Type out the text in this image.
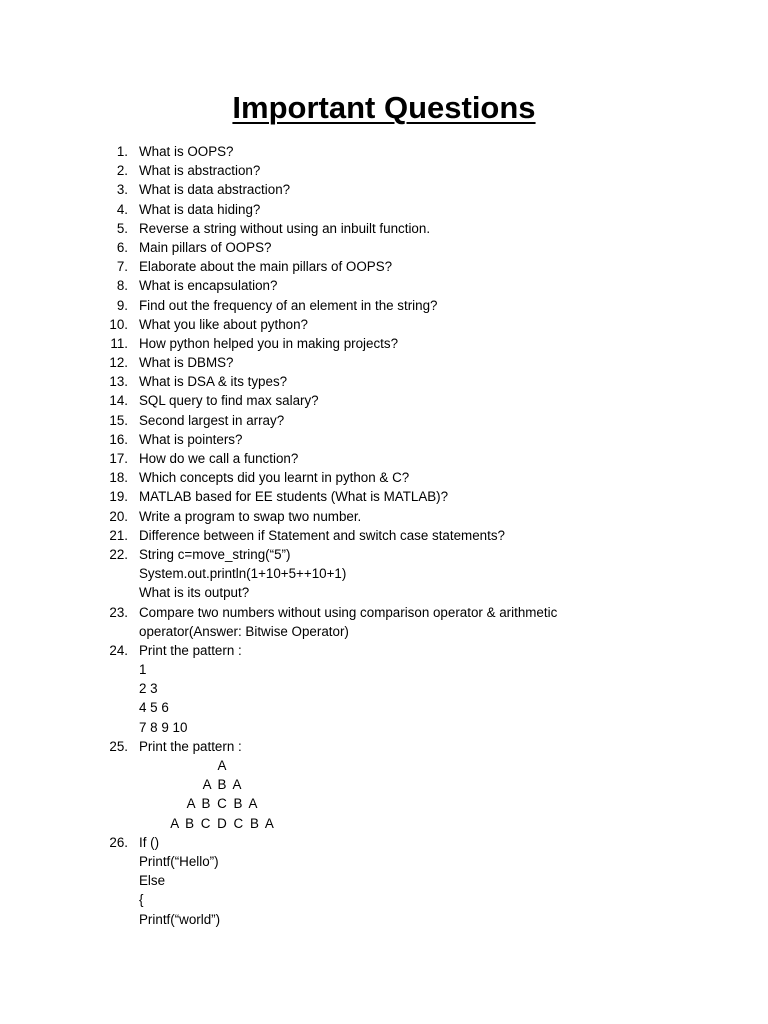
Important Questions
1. What is OOPS?
2. What is abstraction?
3. What is data abstraction?
4. What is data hiding?
5. Reverse a string without using an inbuilt function.
6. Main pillars of OOPS?
7. Elaborate about the main pillars of OOPS?
8. What is encapsulation?
9. Find out the frequency of an element in the string?
10. What you like about python?
11. How python helped you in making projects?
12. What is DBMS?
13. What is DSA & its types?
14. SQL query to find max salary?
15. Second largest in array?
16. What is pointers?
17. How do we call a function?
18. Which concepts did you learnt in python & C?
19. MATLAB based for EE students (What is MATLAB)?
20. Write a program to swap two number.
21. Difference between if Statement and switch case statements?
22. String c=move_string(“5”)
System.out.println(1+10+5++10+1)
What is its output?
23. Compare two numbers without using comparison operator & arithmetic
operator(Answer: Bitwise Operator)
24. Print the pattern :
1
2 3
4 5 6
7 8 9 10
25. Print the pattern :
A
A B A
A B C B A
A B C D C B A
26. If ()
Printf(“Hello”)
Else
{
Printf(“world”)
